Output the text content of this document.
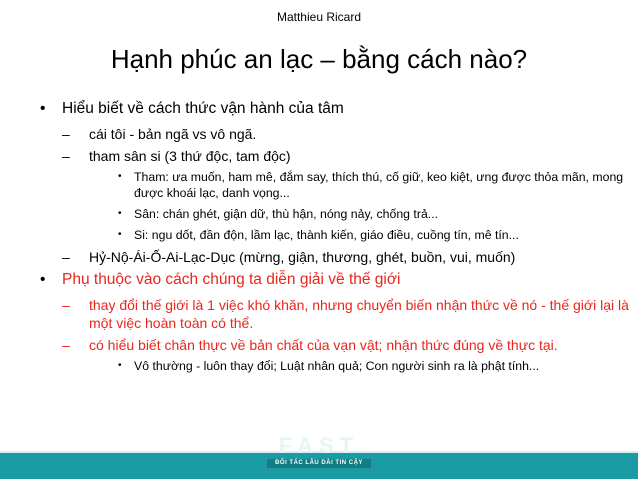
Matthieu Ricard
Hạnh phúc an lạc – bằng cách nào?
• Hiểu biết về cách thức vận hành của tâm
– cái tôi - bản ngã vs vô ngã.
– tham sân si (3 thứ độc, tam độc)
• Tham: ưa muốn, ham mê, đắm say, thích thú, cố giữ, keo kiệt, ưng được thỏa mãn, mong được khoái lạc, danh vọng...
• Sân: chán ghét, giận dữ, thù hận, nóng nảy, chống trả...
• Si: ngu dốt, đần độn, lầm lạc, thành kiến, giáo điều, cuồng tín, mê tín...
– Hỷ-Nộ-Ái-Ố-Ai-Lạc-Dục (mừng, giận, thương, ghét, buồn, vui, muốn)
• Phụ thuộc vào cách chúng ta diễn giải về thế giới
– thay đổi thế giới là 1 việc khó khăn, nhưng chuyển biến nhận thức về nó - thế giới lại là một việc hoàn toàn có thể.
– có hiểu biết chân thực về bản chất của vạn vật; nhận thức đúng về thực tại.
• Vô thường - luôn thay đổi; Luật nhân quả; Con người sinh ra là phật tính...
FAST
ĐỐI TÁC LÂU DÀI TIN CẬY
